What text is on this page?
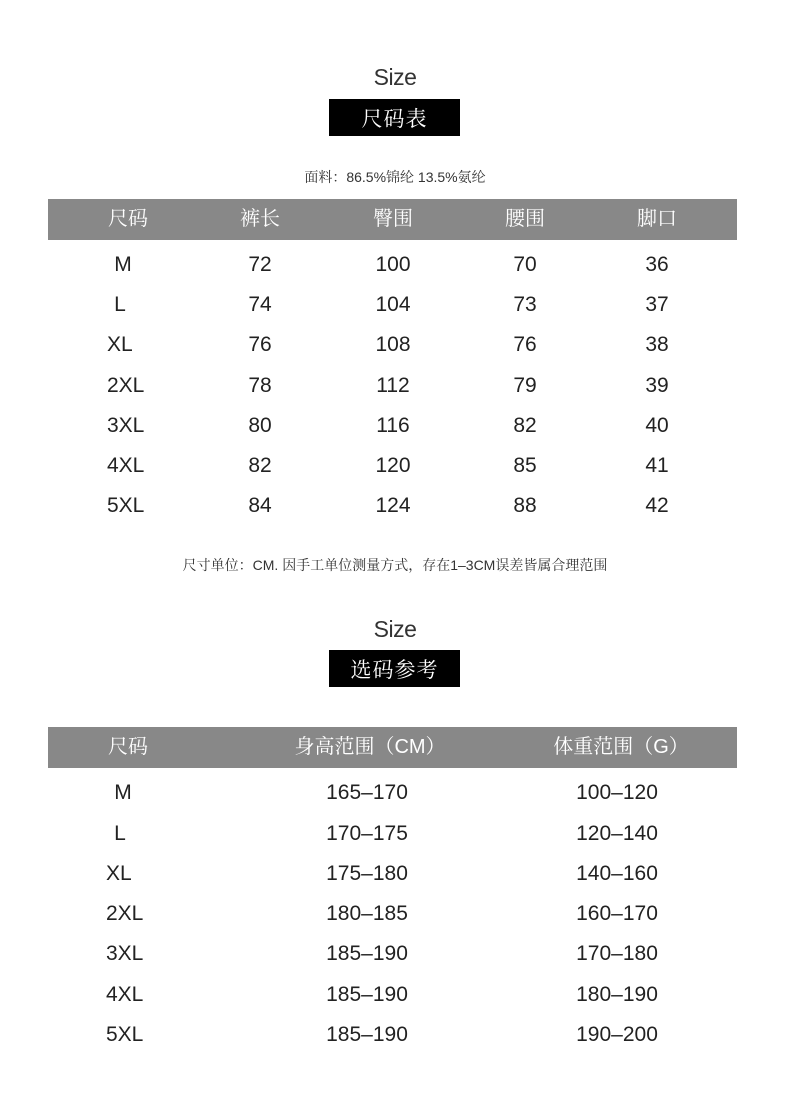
Size
尺码表
面料：86.5%锦纶 13.5%氨纶
尺码	裤长	臀围	腰围	脚口
M	72	100	70	36
L	74	104	73	37
XL	76	108	76	38
2XL	78	112	79	39
3XL	80	116	82	40
4XL	82	120	85	41
5XL	84	124	88	42
尺寸单位：CM. 因手工单位测量方式，存在1–3CM误差皆属合理范围
Size
选码参考
尺码	身高范围（CM）	体重范围（G）
M	165–170	100–120
L	170–175	120–140
XL	175–180	140–160
2XL	180–185	160–170
3XL	185–190	170–180
4XL	185–190	180–190
5XL	185–190	190–200
